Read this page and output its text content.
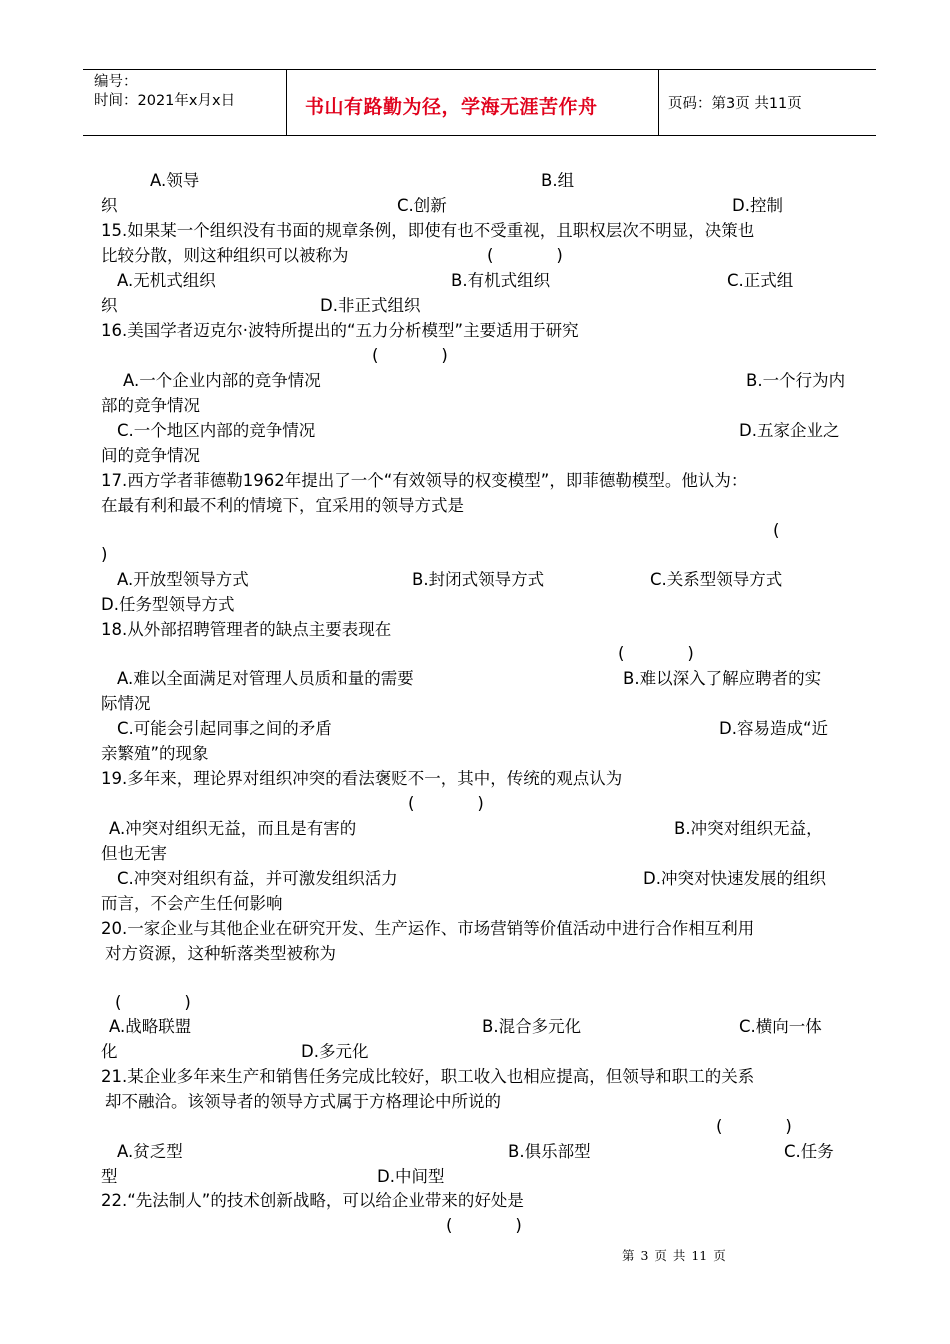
编号：
时间：2021年x月x日	书山有路勤为径，学海无涯苦作舟	页码：第3页 共11页
A.领导	B.组
织	C.创新	D.控制
15.如果某一个组织没有书面的规章条例，即使有也不受重视，且职权层次不明显，决策也
比较分散，则这种组织可以被称为	(            )
A.无机式组织	B.有机式组织	C.正式组
织	D.非正式组织
16.美国学者迈克尔·波特所提出的“五力分析模型”主要适用于研究
(            )
A.一个企业内部的竞争情况	B.一个行为内
部的竞争情况
C.一个地区内部的竞争情况	D.五家企业之
间的竞争情况
17.西方学者菲德勒1962年提出了一个“有效领导的权变模型”，即菲德勒模型。他认为：
在最有利和最不利的情境下，宜采用的领导方式是
(
)
A.开放型领导方式	B.封闭式领导方式	C.关系型领导方式
D.任务型领导方式
18.从外部招聘管理者的缺点主要表现在
(            )
A.难以全面满足对管理人员质和量的需要	B.难以深入了解应聘者的实
际情况
C.可能会引起同事之间的矛盾	D.容易造成“近
亲繁殖”的现象
19.多年来，理论界对组织冲突的看法褒贬不一，其中，传统的观点认为
(            )
A.冲突对组织无益，而且是有害的	B.冲突对组织无益，
但也无害
C.冲突对组织有益，并可激发组织活力	D.冲突对快速发展的组织
而言，不会产生任何影响
20.一家企业与其他企业在研究开发、生产运作、市场营销等价值活动中进行合作相互利用
对方资源，这种斩落类型被称为
(            )
A.战略联盟	B.混合多元化	C.横向一体
化	D.多元化
21.某企业多年来生产和销售任务完成比较好，职工收入也相应提高，但领导和职工的关系
却不融洽。该领导者的领导方式属于方格理论中所说的
(            )
A.贫乏型	B.俱乐部型	C.任务
型	D.中间型
22.“先法制人”的技术创新战略，可以给企业带来的好处是
(            )
第 3 页 共 11 页
